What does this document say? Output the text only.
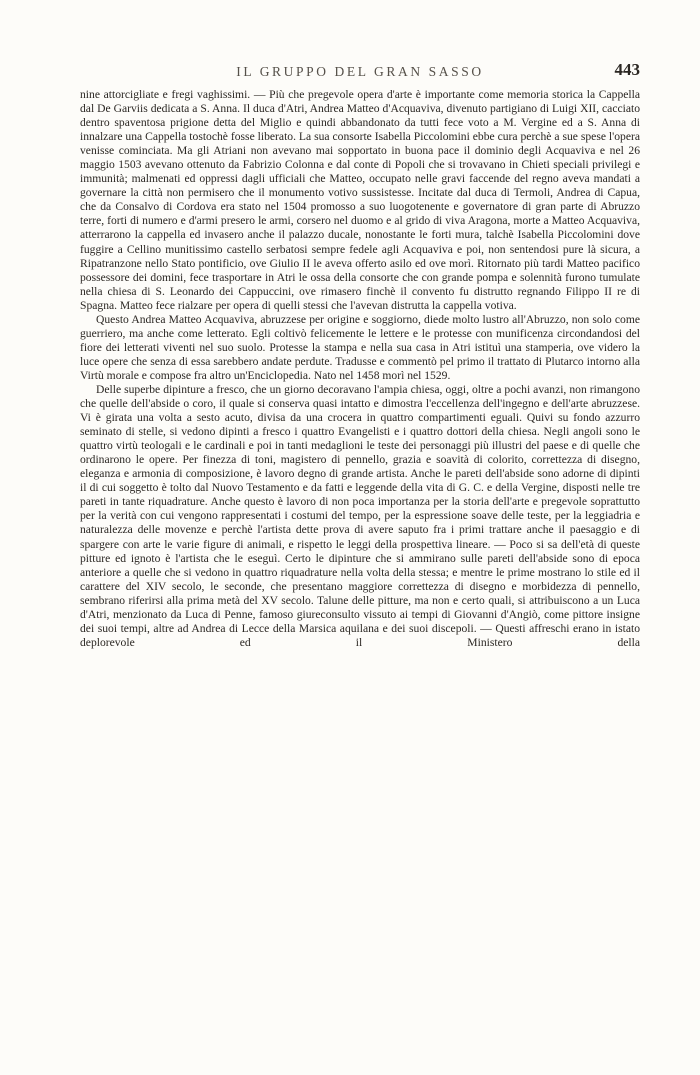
IL GRUPPO DEL GRAN SASSO	443

nine attorcigliate e fregi vaghissimi. — Più che pregevole opera d'arte è importante come memoria storica la Cappella dal De Garviis dedicata a S. Anna. Il duca d'Atri, Andrea Matteo d'Acquaviva, divenuto partigiano di Luigi XII, cacciato dentro spaventosa prigione detta del Miglio e quindi abbandonato da tutti fece voto a M. Vergine ed a S. Anna di innalzare una Cappella tostochè fosse liberato. La sua consorte Isabella Piccolomini ebbe cura perchè a sue spese l'opera venisse cominciata. Ma gli Atriani non avevano mai sopportato in buona pace il dominio degli Acquaviva e nel 26 maggio 1503 avevano ottenuto da Fabrizio Colonna e dal conte di Popoli che si trovavano in Chieti speciali privilegi e immunità; malmenati ed oppressi dagli ufficiali che Matteo, occupato nelle gravi faccende del regno aveva mandati a governare la città non permisero che il monumento votivo sussistesse. Incitate dal duca di Termoli, Andrea di Capua, che da Consalvo di Cordova era stato nel 1504 promosso a suo luogotenente e governatore di gran parte di Abruzzo terre, forti di numero e d'armi presero le armi, corsero nel duomo e al grido di viva Aragona, morte a Matteo Acquaviva, atterrarono la cappella ed invasero anche il palazzo ducale, nonostante le forti mura, talchè Isabella Piccolomini dove fuggire a Cellino munitissimo castello serbatosi sempre fedele agli Acquaviva e poi, non sentendosi pure là sicura, a Ripatranzone nello Stato pontificio, ove Giulio II le aveva offerto asilo ed ove morì. Ritornato più tardi Matteo pacifico possessore dei domini, fece trasportare in Atri le ossa della consorte che con grande pompa e solennità furono tumulate nella chiesa di S. Leonardo dei Cappuccini, ove rimasero finchè il convento fu distrutto regnando Filippo II re di Spagna. Matteo fece rialzare per opera di quelli stessi che l'avevan distrutta la cappella votiva.

Questo Andrea Matteo Acquaviva, abruzzese per origine e soggiorno, diede molto lustro all'Abruzzo, non solo come guerriero, ma anche come letterato. Egli coltivò felicemente le lettere e le protesse con munificenza circondandosi del fiore dei letterati viventi nel suo suolo. Protesse la stampa e nella sua casa in Atri istituì una stamperia, ove videro la luce opere che senza di essa sarebbero andate perdute. Tradusse e commentò pel primo il trattato di Plutarco intorno alla Virtù morale e compose fra altro un'Enciclopedia. Nato nel 1458 morì nel 1529.

Delle superbe dipinture a fresco, che un giorno decoravano l'ampia chiesa, oggi, oltre a pochi avanzi, non rimangono che quelle dell'abside o coro, il quale si conserva quasi intatto e dimostra l'eccellenza dell'ingegno e dell'arte abruzzese. Vi è girata una volta a sesto acuto, divisa da una crocera in quattro compartimenti eguali. Quivi su fondo azzurro seminato di stelle, si vedono dipinti a fresco i quattro Evangelisti e i quattro dottori della chiesa. Negli angoli sono le quattro virtù teologali e le cardinali e poi in tanti medaglioni le teste dei personaggi più illustri del paese e di quelle che ordinarono le opere. Per finezza di toni, magistero di pennello, grazia e soavità di colorito, correttezza di disegno, eleganza e armonia di composizione, è lavoro degno di grande artista. Anche le pareti dell'abside sono adorne di dipinti il di cui soggetto è tolto dal Nuovo Testamento e da fatti e leggende della vita di G. C. e della Vergine, disposti nelle tre pareti in tante riquadrature. Anche questo è lavoro di non poca importanza per la storia dell'arte e pregevole soprattutto per la verità con cui vengono rappresentati i costumi del tempo, per la espressione soave delle teste, per la leggiadria e naturalezza delle movenze e perchè l'artista dette prova di avere saputo fra i primi trattare anche il paesaggio e di spargere con arte le varie figure di animali, e rispetto le leggi della prospettiva lineare. — Poco si sa dell'età di queste pitture ed ignoto è l'artista che le eseguì. Certo le dipinture che si ammirano sulle pareti dell'abside sono di epoca anteriore a quelle che si vedono in quattro riquadrature nella volta della stessa; e mentre le prime mostrano lo stile ed il carattere del XIV secolo, le seconde, che presentano maggiore correttezza di disegno e morbidezza di pennello, sembrano riferirsi alla prima metà del XV secolo. Talune delle pitture, ma non e certo quali, si attribuiscono a un Luca d'Atri, menzionato da Luca di Penne, famoso giureconsulto vissuto ai tempi di Giovanni d'Angiò, come pittore insigne dei suoi tempi, altre ad Andrea di Lecce della Marsica aquilana e dei suoi discepoli. — Questi affreschi erano in istato deplorevole ed il Ministero della
